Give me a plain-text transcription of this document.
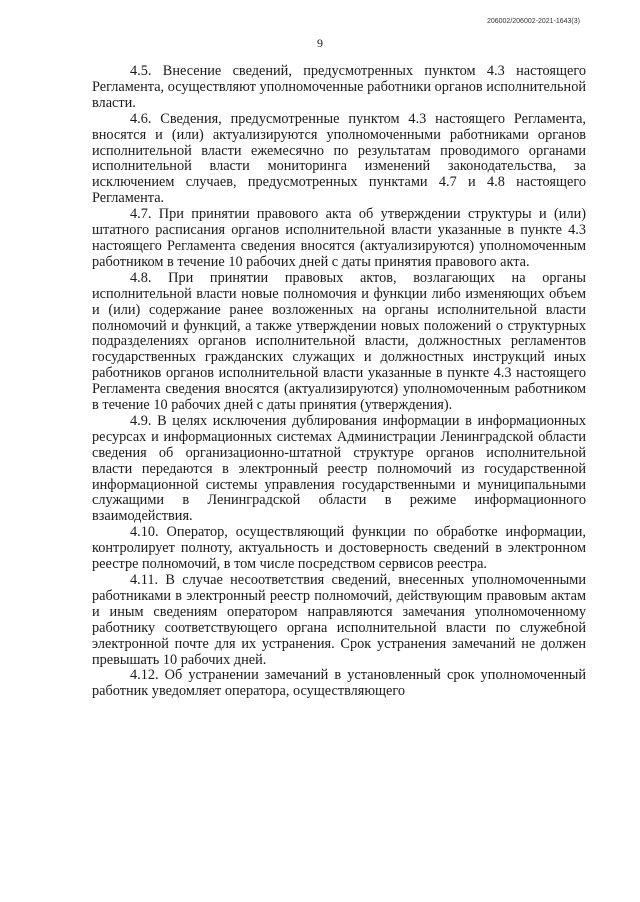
206002/206002-2021-1643(3)
9

4.5. Внесение сведений, предусмотренных пунктом 4.3 настоящего Регламента, осуществляют уполномоченные работники органов исполнительной власти.

4.6. Сведения, предусмотренные пунктом 4.3 настоящего Регламента, вносятся и (или) актуализируются уполномоченными работниками органов исполнительной власти ежемесячно по результатам проводимого органами исполнительной власти мониторинга изменений законодательства, за исключением случаев, предусмотренных пунктами 4.7 и 4.8 настоящего Регламента.

4.7. При принятии правового акта об утверждении структуры и (или) штатного расписания органов исполнительной власти указанные в пункте 4.3 настоящего Регламента сведения вносятся (актуализируются) уполномоченным работником в течение 10 рабочих дней с даты принятия правового акта.

4.8. При принятии правовых актов, возлагающих на органы исполнительной власти новые полномочия и функции либо изменяющих объем и (или) содержание ранее возложенных на органы исполнительной власти полномочий и функций, а также утверждении новых положений о структурных подразделениях органов исполнительной власти, должностных регламентов государственных гражданских служащих и должностных инструкций иных работников органов исполнительной власти указанные в пункте 4.3 настоящего Регламента сведения вносятся (актуализируются) уполномоченным работником в течение 10 рабочих дней с даты принятия (утверждения).

4.9. В целях исключения дублирования информации в информационных ресурсах и информационных системах Администрации Ленинградской области сведения об организационно-штатной структуре органов исполнительной власти передаются в электронный реестр полномочий из государственной информационной системы управления государственными и муниципальными служащими в Ленинградской области в режиме информационного взаимодействия.

4.10. Оператор, осуществляющий функции по обработке информации, контролирует полноту, актуальность и достоверность сведений в электронном реестре полномочий, в том числе посредством сервисов реестра.

4.11. В случае несоответствия сведений, внесенных уполномоченными работниками в электронный реестр полномочий, действующим правовым актам и иным сведениям оператором направляются замечания уполномоченному работнику соответствующего органа исполнительной власти по служебной электронной почте для их устранения. Срок устранения замечаний не должен превышать 10 рабочих дней.

4.12. Об устранении замечаний в установленный срок уполномоченный работник уведомляет оператора, осуществляющего
